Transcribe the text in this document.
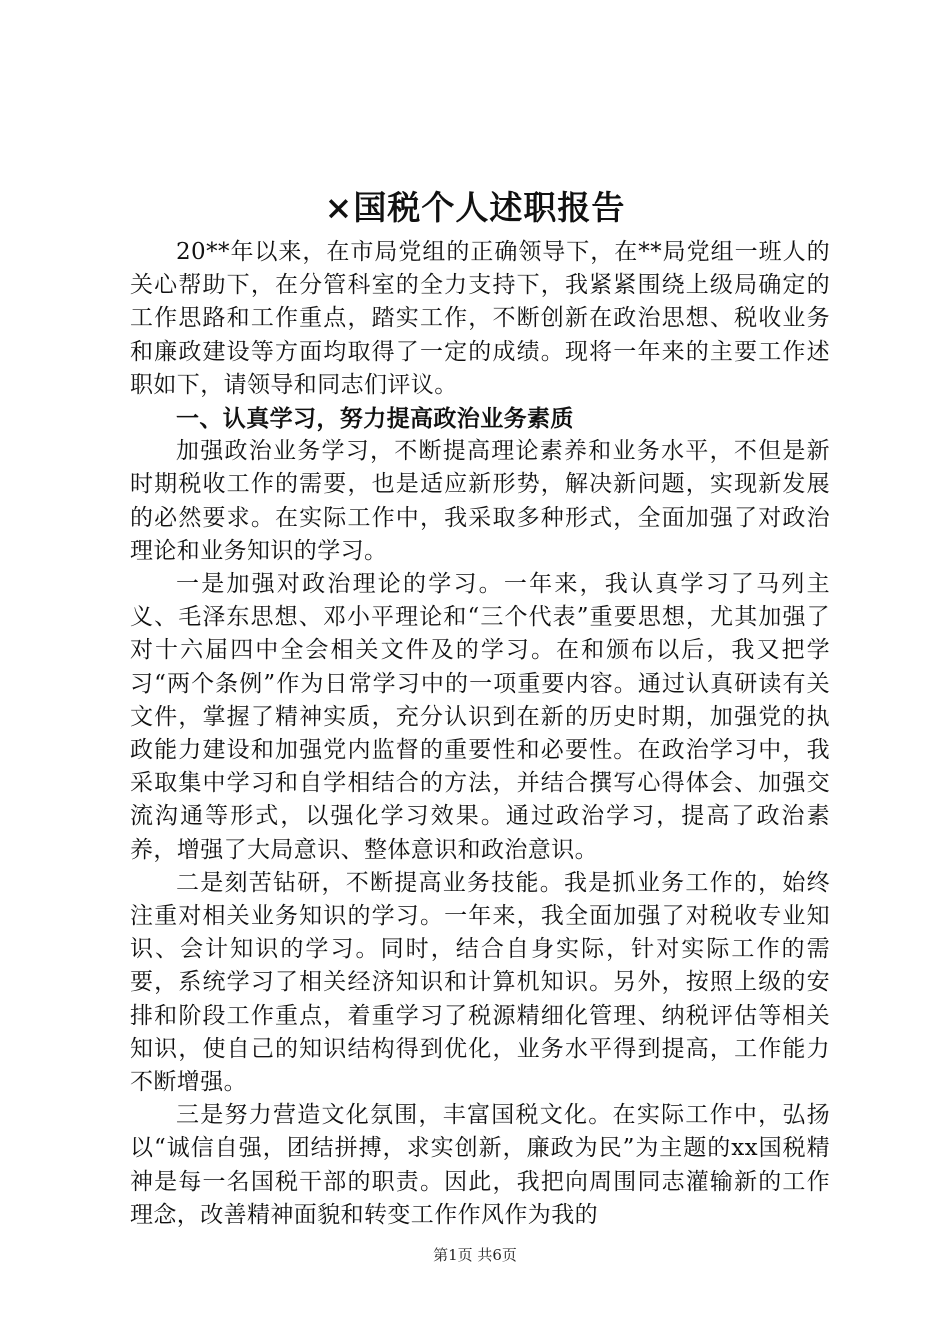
×国税个人述职报告

20**年以来，在市局党组的正确领导下，在**局党组一班人的关心帮助下，在分管科室的全力支持下，我紧紧围绕上级局确定的工作思路和工作重点，踏实工作，不断创新在政治思想、税收业务和廉政建设等方面均取得了一定的成绩。现将一年来的主要工作述职如下，请领导和同志们评议。

一、认真学习，努力提高政治业务素质

加强政治业务学习，不断提高理论素养和业务水平，不但是新时期税收工作的需要，也是适应新形势，解决新问题，实现新发展的必然要求。在实际工作中，我采取多种形式，全面加强了对政治理论和业务知识的学习。

一是加强对政治理论的学习。一年来，我认真学习了马列主义、毛泽东思想、邓小平理论和“三个代表”重要思想，尤其加强了对十六届四中全会相关文件及的学习。在和颁布以后，我又把学习“两个条例”作为日常学习中的一项重要内容。通过认真研读有关文件，掌握了精神实质，充分认识到在新的历史时期，加强党的执政能力建设和加强党内监督的重要性和必要性。在政治学习中，我采取集中学习和自学相结合的方法，并结合撰写心得体会、加强交流沟通等形式，以强化学习效果。通过政治学习，提高了政治素养，增强了大局意识、整体意识和政治意识。

二是刻苦钻研，不断提高业务技能。我是抓业务工作的，始终注重对相关业务知识的学习。一年来，我全面加强了对税收专业知识、会计知识的学习。同时，结合自身实际，针对实际工作的需要，系统学习了相关经济知识和计算机知识。另外，按照上级的安排和阶段工作重点，着重学习了税源精细化管理、纳税评估等相关知识，使自己的知识结构得到优化，业务水平得到提高，工作能力不断增强。

三是努力营造文化氛围，丰富国税文化。在实际工作中，弘扬以“诚信自强，团结拼搏，求实创新，廉政为民”为主题的xx国税精神是每一名国税干部的职责。因此，我把向周围同志灌输新的工作理念，改善精神面貌和转变工作作风作为我的

第1页 共6页
